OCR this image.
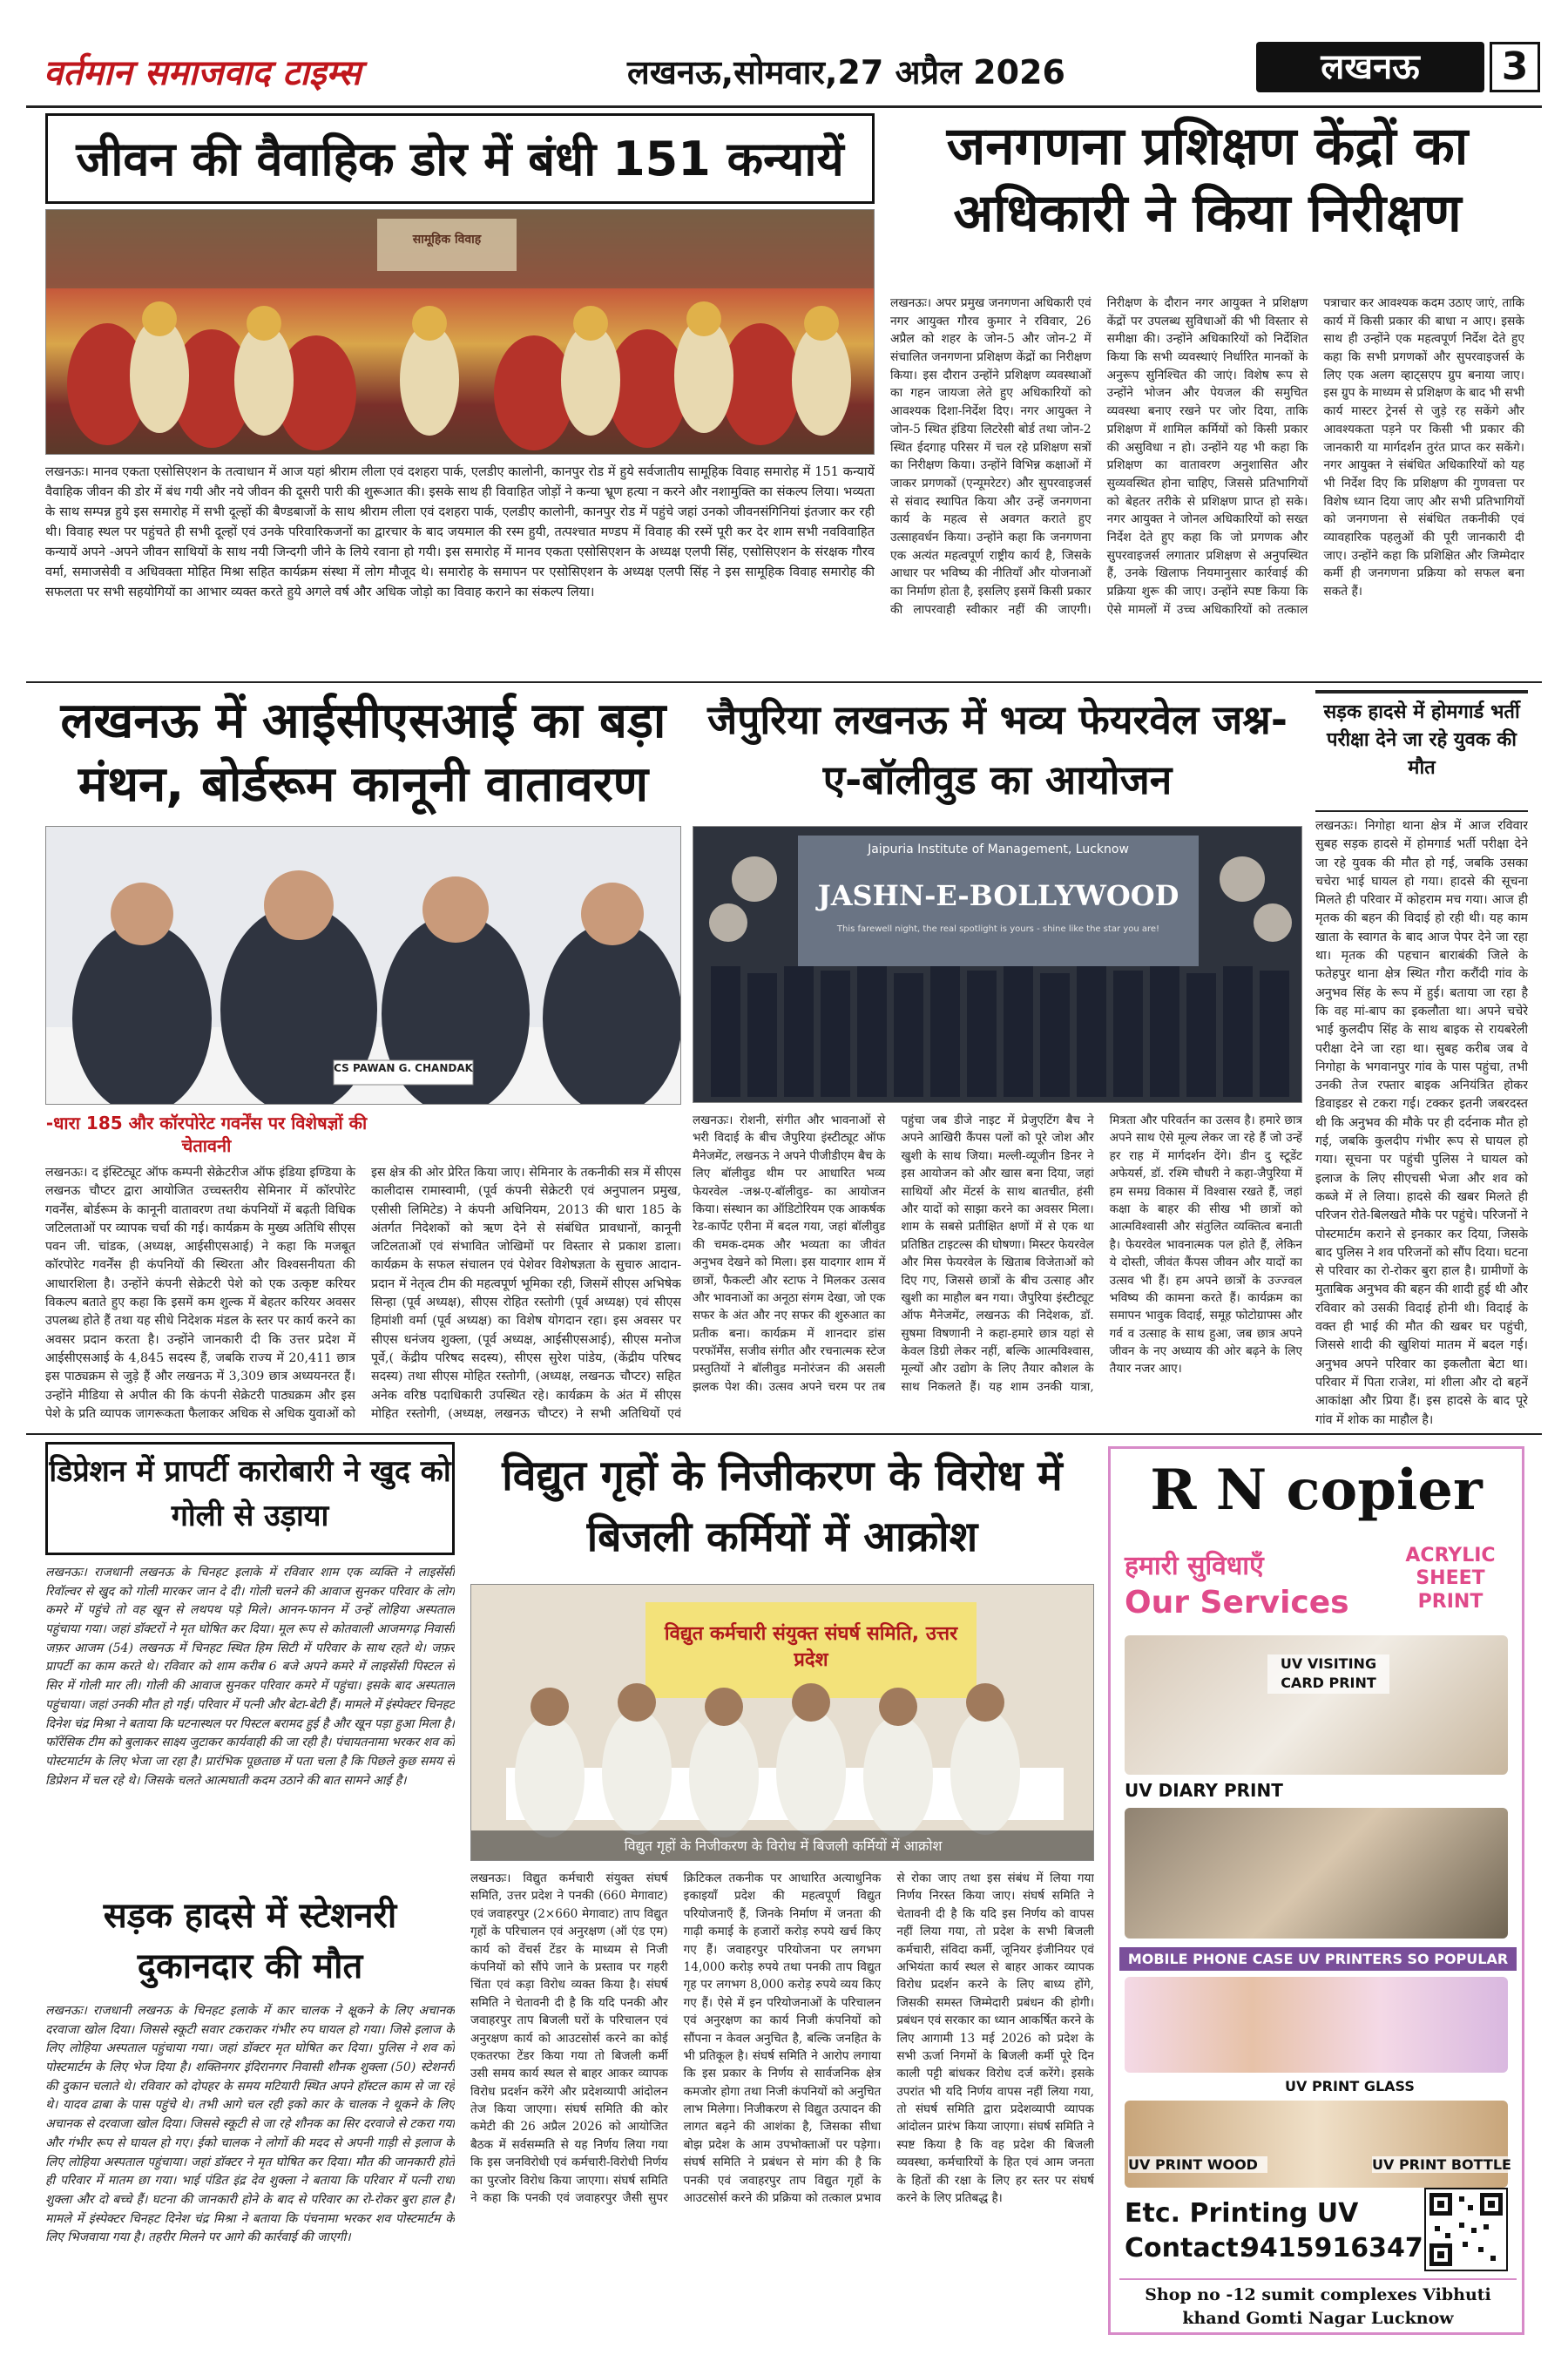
वर्तमान समाजवाद टाइम्स	लखनऊ,सोमवार,27 अप्रैल 2026	लखनऊ	3
जीवन की वैवाहिक डोर में बंधी 151 कन्यायें
सामूहिक विवाह
लखनऊः। मानव एकता एसोसिएशन के तत्वाधान में आज यहां श्रीराम लीला एवं दशहरा पार्क, एलडीए कालोनी, कानपुर रोड में हुये सर्वजातीय सामूहिक विवाह समारोह में 151 कन्यायें वैवाहिक जीवन की डोर में बंध गयी और नये जीवन की दूसरी पारी की शुरूआत की। इसके साथ ही विवाहित जोड़ों ने कन्या भ्रूण हत्या न करने और नशामुक्ति का संकल्प लिया। भव्यता के साथ सम्पन्न हुये इस समारोह में सभी दूल्हों की बैण्डबाजों के साथ श्रीराम लीला एवं दशहरा पार्क, एलडीए कालोनी, कानपुर रोड में पहुंचे जहां उनको जीवनसंगिनियां इंतजार कर रही थी। विवाह स्थल पर पहुंचते ही सभी दूल्हों एवं उनके परिवारिकजनों का द्वारचार के बाद जयमाल की रस्म हुयी, तत्पश्चात मण्डप में विवाह की रस्में पूरी कर देर शाम सभी नवविवाहित कन्यायें अपने -अपने जीवन साथियों के साथ नयी जिन्दगी जीने के लिये रवाना हो गयी। इस समारोह में मानव एकता एसोसिएशन के अध्यक्ष एलपी सिंह, एसोसिएशन के संरक्षक गौरव वर्मा, समाजसेवी व अधिवक्ता मोहित मिश्रा सहित कार्यक्रम संस्था में लोग मौजूद थे। समारोह के समापन पर एसोसिएशन के अध्यक्ष एलपी सिंह ने इस सामूहिक विवाह समारोह की सफलता पर सभी सहयोगियों का आभार व्यक्त करते हुये अगले वर्ष और अधिक जोड़ो का विवाह कराने का संकल्प लिया।
जनगणना प्रशिक्षण केंद्रों का अधिकारी ने किया निरीक्षण
लखनऊः। अपर प्रमुख जनगणना अधिकारी एवं नगर आयुक्त गौरव कुमार ने रविवार, 26 अप्रैल को शहर के जोन-5 और जोन-2 में संचालित जनगणना प्रशिक्षण केंद्रों का निरीक्षण किया। इस दौरान उन्होंने प्रशिक्षण व्यवस्थाओं का गहन जायजा लेते हुए अधिकारियों को आवश्यक दिशा-निर्देश दिए। नगर आयुक्त ने जोन-5 स्थित इंडिया लिटरेसी बोर्ड तथा जोन-2 स्थित ईदगाह परिसर में चल रहे प्रशिक्षण सत्रों का निरीक्षण किया। उन्होंने विभिन्न कक्षाओं में जाकर प्रगणकों (एन्यूमरेटर) और सुपरवाइजर्स से संवाद स्थापित किया और उन्हें जनगणना कार्य के महत्व से अवगत कराते हुए उत्साहवर्धन किया। उन्होंने कहा कि जनगणना एक अत्यंत महत्वपूर्ण राष्ट्रीय कार्य है, जिसके आधार पर भविष्य की नीतियाँ और योजनाओं का निर्माण होता है, इसलिए इसमें किसी प्रकार की लापरवाही स्वीकार नहीं की जाएगी। निरीक्षण के दौरान नगर आयुक्त ने प्रशिक्षण केंद्रों पर उपलब्ध सुविधाओं की भी विस्तार से समीक्षा की। उन्होंने अधिकारियों को निर्देशित किया कि सभी व्यवस्थाएं निर्धारित मानकों के अनुरूप सुनिश्चित की जाएं। विशेष रूप से उन्होंने भोजन और पेयजल की समुचित व्यवस्था बनाए रखने पर जोर दिया, ताकि प्रशिक्षण में शामिल कर्मियों को किसी प्रकार की असुविधा न हो। उन्होंने यह भी कहा कि प्रशिक्षण का वातावरण अनुशासित और सुव्यवस्थित होना चाहिए, जिससे प्रतिभागियों को बेहतर तरीके से प्रशिक्षण प्राप्त हो सके। नगर आयुक्त ने जोनल अधिकारियों को सख्त निर्देश देते हुए कहा कि जो प्रगणक और सुपरवाइजर्स लगातार प्रशिक्षण से अनुपस्थित हैं, उनके खिलाफ नियमानुसार कार्रवाई की प्रक्रिया शुरू की जाए। उन्होंने स्पष्ट किया कि ऐसे मामलों में उच्च अधिकारियों को तत्काल पत्राचार कर आवश्यक कदम उठाए जाएं, ताकि कार्य में किसी प्रकार की बाधा न आए। इसके साथ ही उन्होंने एक महत्वपूर्ण निर्देश देते हुए कहा कि सभी प्रगणकों और सुपरवाइजर्स के लिए एक अलग व्हाट्सएप ग्रुप बनाया जाए। इस ग्रुप के माध्यम से प्रशिक्षण के बाद भी सभी कार्य मास्टर ट्रेनर्स से जुड़े रह सकेंगे और आवश्यकता पड़ने पर किसी भी प्रकार की जानकारी या मार्गदर्शन तुरंत प्राप्त कर सकेंगे। नगर आयुक्त ने संबंधित अधिकारियों को यह भी निर्देश दिए कि प्रशिक्षण की गुणवत्ता पर विशेष ध्यान दिया जाए और सभी प्रतिभागियों को जनगणना से संबंधित तकनीकी एवं व्यावहारिक पहलुओं की पूरी जानकारी दी जाए। उन्होंने कहा कि प्रशिक्षित और जिम्मेदार कर्मी ही जनगणना प्रक्रिया को सफल बना सकते हैं।
लखनऊ में आईसीएसआई का बड़ा मंथन, बोर्डरूम कानूनी वातावरण
CS PAWAN G. CHANDAK
-धारा 185 और कॉरपोरेट गवर्नेंस पर विशेषज्ञों की चेतावनी
लखनऊः। द इंस्टिट्यूट ऑफ कम्पनी सेक्रेटरीज ऑफ इंडिया इण्डिया के लखनऊ चौप्टर द्वारा आयोजित उच्चस्तरीय सेमिनार में कॉरपोरेट गवर्नेंस, बोर्डरूम के कानूनी वातावरण तथा कंपनियों में बढ़ती विधिक जटिलताओं पर व्यापक चर्चा की गई। कार्यक्रम के मुख्य अतिथि सीएस पवन जी. चांडक, (अध्यक्ष, आईसीएसआई) ने कहा कि मजबूत कॉरपोरेट गवर्नेंस ही कंपनियों की स्थिरता और विश्वसनीयता की आधारशिला है। उन्होंने कंपनी सेक्रेटरी पेशे को एक उत्कृष्ट करियर विकल्प बताते हुए कहा कि इसमें कम शुल्क में बेहतर करियर अवसर उपलब्ध होते हैं तथा यह सीधे निदेशक मंडल के स्तर पर कार्य करने का अवसर प्रदान करता है। उन्होंने जानकारी दी कि उत्तर प्रदेश में आईसीएसआई के 4,845 सदस्य हैं, जबकि राज्य में 20,411 छात्र इस पाठ्यक्रम से जुड़े हैं और लखनऊ में 3,309 छात्र अध्ययनरत हैं। उन्होंने मीडिया से अपील की कि कंपनी सेक्रेटरी पाठ्यक्रम और इस पेशे के प्रति व्यापक जागरूकता फैलाकर अधिक से अधिक युवाओं को इस क्षेत्र की ओर प्रेरित किया जाए। सेमिनार के तकनीकी सत्र में सीएस कालीदास रामास्वामी, (पूर्व कंपनी सेक्रेटरी एवं अनुपालन प्रमुख, एसीसी लिमिटेड) ने कंपनी अधिनियम, 2013 की धारा 185 के अंतर्गत निदेशकों को ऋण देने से संबंधित प्रावधानों, कानूनी जटिलताओं एवं संभावित जोखिमों पर विस्तार से प्रकाश डाला। कार्यक्रम के सफल संचालन एवं पेशेवर विशेषज्ञता के सुचारु आदान-प्रदान में नेतृत्व टीम की महत्वपूर्ण भूमिका रही, जिसमें सीएस अभिषेक सिन्हा (पूर्व अध्यक्ष), सीएस रोहित रस्तोगी (पूर्व अध्यक्ष) एवं सीएस हिमांशी वर्मा (पूर्व अध्यक्ष) का विशेष योगदान रहा। इस अवसर पर सीएस धनंजय शुक्ला, (पूर्व अध्यक्ष, आईसीएसआई), सीएस मनोज पूर्वे,( केंद्रीय परिषद सदस्य), सीएस सुरेश पांडेय, (केंद्रीय परिषद सदस्य) तथा सीएस मोहित रस्तोगी, (अध्यक्ष, लखनऊ चौप्टर) सहित अनेक वरिष्ठ पदाधिकारी उपस्थित रहे। कार्यक्रम के अंत में सीएस मोहित रस्तोगी, (अध्यक्ष, लखनऊ चौप्टर) ने सभी अतिथियों एवं
जैपुरिया लखनऊ में भव्य फेयरवेल जश्न-ए-बॉलीवुड का आयोजन
Jaipuria Institute of Management, Lucknow
JASHN-E-BOLLYWOOD
This farewell night, the real spotlight is yours - shine like the star you are!
लखनऊः। रोशनी, संगीत और भावनाओं से भरी विदाई के बीच जैपुरिया इंस्टीट्यूट ऑफ मैनेजमेंट, लखनऊ ने अपने पीजीडीएम बैच के लिए बॉलीवुड थीम पर आधारित भव्य फेयरवेल -जश्न-ए-बॉलीवुड- का आयोजन किया। संस्थान का ऑडिटोरियम एक आकर्षक रेड-कार्पेट एरीना में बदल गया, जहां बॉलीवुड की चमक-दमक और भव्यता का जीवंत अनुभव देखने को मिला। इस यादगार शाम में छात्रों, फैकल्टी और स्टाफ ने मिलकर उत्सव और भावनाओं का अनूठा संगम देखा, जो एक सफर के अंत और नए सफर की शुरुआत का प्रतीक बना। कार्यक्रम में शानदार डांस परफॉर्मेंस, सजीव संगीत और रचनात्मक स्टेज प्रस्तुतियों ने बॉलीवुड मनोरंजन की असली झलक पेश की। उत्सव अपने चरम पर तब पहुंचा जब डीजे नाइट में प्रेजुएटिंग बैच ने अपने आखिरी कैंपस पलों को पूरे जोश और खुशी के साथ जिया। मल्ली-व्यूजीन डिनर ने इस आयोजन को और खास बना दिया, जहां साथियों और मेंटर्स के साथ बातचीत, हंसी और यादों को साझा करने का अवसर मिला। शाम के सबसे प्रतीक्षित क्षणों में से एक था प्रतिष्ठित टाइटल्स की घोषणा। मिस्टर फेयरवेल और मिस फेयरवेल के खिताब विजेताओं को दिए गए, जिससे छात्रों के बीच उत्साह और खुशी का माहौल बन गया। जैपुरिया इंस्टीट्यूट ऑफ मैनेजमेंट, लखनऊ की निदेशक, डॉ. सुषमा विषणानी ने कहा-हमारे छात्र यहां से केवल डिग्री लेकर नहीं, बल्कि आत्मविश्वास, मूल्यों और उद्योग के लिए तैयार कौशल के साथ निकलते हैं। यह शाम उनकी यात्रा, मित्रता और परिवर्तन का उत्सव है। हमारे छात्र अपने साथ ऐसे मूल्य लेकर जा रहे हैं जो उन्हें हर राह में मार्गदर्शन देंगे। डीन दु स्टूडेंट अफेयर्स, डॉ. रश्मि चौधरी ने कहा-जैपुरिया में हम समग्र विकास में विश्वास रखते हैं, जहां कक्षा के बाहर की सीख भी छात्रों को आत्मविश्वासी और संतुलित व्यक्तित्व बनाती है। फेयरवेल भावनात्मक पल होते हैं, लेकिन ये दोस्ती, जीवंत कैंपस जीवन और यादों का उत्सव भी हैं। हम अपने छात्रों के उज्ज्वल भविष्य की कामना करते हैं। कार्यक्रम का समापन भावुक विदाई, समूह फोटोग्राफ्स और गर्व व उत्साह के साथ हुआ, जब छात्र अपने जीवन के नए अध्याय की ओर बढ़ने के लिए तैयार नजर आए।
सड़क हादसे में होमगार्ड भर्ती परीक्षा देने जा रहे युवक की मौत
लखनऊः। निगोहा थाना क्षेत्र में आज रविवार सुबह सड़क हादसे में होमगार्ड भर्ती परीक्षा देने जा रहे युवक की मौत हो गई, जबकि उसका चचेरा भाई घायल हो गया। हादसे की सूचना मिलते ही परिवार में कोहराम मच गया। आज ही मृतक की बहन की विदाई हो रही थी। यह काम खाता के स्वागत के बाद आज पेपर देने जा रहा था। मृतक की पहचान बाराबंकी जिले के फतेहपुर थाना क्षेत्र स्थित गौरा करौंदी गांव के अनुभव सिंह के रूप में हुई। बताया जा रहा है कि वह मां-बाप का इकलौता था। अपने चचेरे भाई कुलदीप सिंह के साथ बाइक से रायबरेली परीक्षा देने जा रहा था। सुबह करीब जब वे निगोहा के भगवानपुर गांव के पास पहुंचा, तभी उनकी तेज रफ्तार बाइक अनियंत्रित होकर डिवाइडर से टकरा गई। टक्कर इतनी जबरदस्त थी कि अनुभव की मौके पर ही दर्दनाक मौत हो गई, जबकि कुलदीप गंभीर रूप से घायल हो गया। सूचना पर पहुंची पुलिस ने घायल को इलाज के लिए सीएचसी भेजा और शव को कब्जे में ले लिया। हादसे की खबर मिलते ही परिजन रोते-बिलखते मौके पर पहुंचे। परिजनों ने पोस्टमार्टम कराने से इनकार कर दिया, जिसके बाद पुलिस ने शव परिजनों को सौंप दिया। घटना से परिवार का रो-रोकर बुरा हाल है। ग्रामीणों के मुताबिक अनुभव की बहन की शादी हुई थी और रविवार को उसकी विदाई होनी थी। विदाई के वक्त ही भाई की मौत की खबर घर पहुंची, जिससे शादी की खुशियां मातम में बदल गई। अनुभव अपने परिवार का इकलौता बेटा था। परिवार में पिता राजेश, मां शीला और दो बहनें आकांक्षा और प्रिया हैं। इस हादसे के बाद पूरे गांव में शोक का माहौल है।
डिप्रेशन में प्रापर्टी कारोबारी ने खुद को गोली से उड़ाया
लखनऊः। राजधानी लखनऊ के चिनहट इलाके में रविवार शाम एक व्यक्ति ने लाइसेंसी रिवॉल्वर से खुद को गोली मारकर जान दे दी। गोली चलने की आवाज सुनकर परिवार के लोग कमरे में पहुंचे तो वह खून से लथपथ पड़े मिले। आनन-फानन में उन्हें लोहिया अस्पताल पहुंचाया गया। जहां डॉक्टरों ने मृत घोषित कर दिया। मूल रूप से कोतवाली आजमगढ़ निवासी जफ़र आजम (54) लखनऊ में चिनहट स्थित हिम सिटी में परिवार के साथ रहते थे। जफ़र प्रापर्टी का काम करते थे। रविवार को शाम करीब 6 बजे अपने कमरे में लाइसेंसी पिस्टल से सिर में गोली मार ली। गोली की आवाज सुनकर परिवार कमरे में पहुंचा। इसके बाद अस्पताल पहुंचाया। जहां उनकी मौत हो गई। परिवार में पत्नी और बेटा-बेटी हैं। मामले में इंस्पेक्टर चिनहट दिनेश चंद्र मिश्रा ने बताया कि घटनास्थल पर पिस्टल बरामद हुई है और खून पड़ा हुआ मिला है। फॉरेंसिक टीम को बुलाकर साक्ष्य जुटाकर कार्यवाही की जा रही है। पंचायतनामा भरकर शव को पोस्टमार्टम के लिए भेजा जा रहा है। प्रारंभिक पूछताछ में पता चला है कि पिछले कुछ समय से डिप्रेशन में चल रहे थे। जिसके चलते आत्मघाती कदम उठाने की बात सामने आई है।
सड़क हादसे में स्टेशनरी दुकानदार की मौत
लखनऊः। राजधानी लखनऊ के चिनहट इलाके में कार चालक ने क्षूकने के लिए अचानक दरवाजा खोल दिया। जिससे स्कूटी सवार टकराकर गंभीर रुप घायल हो गया। जिसे इलाज के लिए लोहिया अस्पताल पहुंचाया गया। जहां डॉक्टर मृत घोषित कर दिया। पुलिस ने शव को पोस्टमार्टम के लिए भेज दिया है। शक्तिनगर इंदिरानगर निवासी शौनक शुक्ला (50) स्टेशनरी की दुकान चलाते थे। रविवार को दोपहर के समय मटियारी स्थित अपने हॉस्टल काम से जा रहे थे। यादव ढाबा के पास पहुंचे थे। तभी आगे चल रही इको कार के चालक ने थूकने के लिए अचानक से दरवाजा खोल दिया। जिससे स्कूटी से जा रहे शौनक का सिर दरवाजे से टकरा गया और गंभीर रूप से घायल हो गए। ईको चालक ने लोगों की मदद से अपनी गाड़ी से इलाज के लिए लोहिया अस्पताल पहुंचाया। जहां डॉक्टर ने मृत घोषित कर दिया। मौत की जानकारी होते ही परिवार में मातम छा गया। भाई पंडित इंद्र देव शुक्ला ने बताया कि परिवार में पत्नी राधा शुक्ला और दो बच्चे हैं। घटना की जानकारी होने के बाद से परिवार का रो-रोकर बुरा हाल है। मामले में इंस्पेक्टर चिनहट दिनेश चंद्र मिश्रा ने बताया कि पंचनामा भरकर शव पोस्टमार्टम के लिए भिजवाया गया है। तहरीर मिलने पर आगे की कार्रवाई की जाएगी।
विद्युत गृहों के निजीकरण के विरोध में बिजली कर्मियों में आक्रोश
विद्युत कर्मचारी संयुक्त संघर्ष समिति, उत्तर प्रदेश
विद्युत गृहों के निजीकरण के विरोध में बिजली कर्मियों में आक्रोश
लखनऊः। विद्युत कर्मचारी संयुक्त संघर्ष समिति, उत्तर प्रदेश ने पनकी (660 मेगावाट) एवं जवाहरपुर (2×660 मेगावाट) ताप विद्युत गृहों के परिचालन एवं अनुरक्षण (ऑ एंड एम) कार्य को वेंचर्स टेंडर के माध्यम से निजी कंपनियों को सौंपे जाने के प्रस्ताव पर गहरी चिंता एवं कड़ा विरोध व्यक्त किया है। संघर्ष समिति ने चेतावनी दी है कि यदि पनकी और जवाहरपुर ताप बिजली घरों के परिचालन एवं अनुरक्षण कार्य को आउटसोर्स करने का कोई एकतरफा टेंडर किया गया तो बिजली कर्मी उसी समय कार्य स्थल से बाहर आकर व्यापक विरोध प्रदर्शन करेंगे और प्रदेशव्यापी आंदोलन तेज किया जाएगा। संघर्ष समिति की कोर कमेटी की 26 अप्रैल 2026 को आयोजित बैठक में सर्वसम्मति से यह निर्णय लिया गया कि इस जनविरोधी एवं कर्मचारी-विरोधी निर्णय का पुरजोर विरोध किया जाएगा। संघर्ष समिति ने कहा कि पनकी एवं जवाहरपुर जैसी सुपर क्रिटिकल तकनीक पर आधारित अत्याधुनिक इकाइयाँ प्रदेश की महत्वपूर्ण विद्युत परियोजनाएँ हैं, जिनके निर्माण में जनता की गाढ़ी कमाई के हजारों करोड़ रुपये खर्च किए गए हैं। जवाहरपुर परियोजना पर लगभग 14,000 करोड़ रुपये तथा पनकी ताप विद्युत गृह पर लगभग 8,000 करोड़ रुपये व्यय किए गए हैं। ऐसे में इन परियोजनाओं के परिचालन एवं अनुरक्षण का कार्य निजी कंपनियों को सौंपना न केवल अनुचित है, बल्कि जनहित के भी प्रतिकूल है। संघर्ष समिति ने आरोप लगाया कि इस प्रकार के निर्णय से सार्वजनिक क्षेत्र कमजोर होगा तथा निजी कंपनियों को अनुचित लाभ मिलेगा। निजीकरण से विद्युत उत्पादन की लागत बढ़ने की आशंका है, जिसका सीधा बोझ प्रदेश के आम उपभोक्ताओं पर पड़ेगा। संघर्ष समिति ने प्रबंधन से मांग की है कि पनकी एवं जवाहरपुर ताप विद्युत गृहों के आउटसोर्स करने की प्रक्रिया को तत्काल प्रभाव से रोका जाए तथा इस संबंध में लिया गया निर्णय निरस्त किया जाए। संघर्ष समिति ने चेतावनी दी है कि यदि इस निर्णय को वापस नहीं लिया गया, तो प्रदेश के सभी बिजली कर्मचारी, संविदा कर्मी, जूनियर इंजीनियर एवं अभियंता कार्य स्थल से बाहर आकर व्यापक विरोध प्रदर्शन करने के लिए बाध्य होंगे, जिसकी समस्त जिम्मेदारी प्रबंधन की होगी। प्रबंधन एवं सरकार का ध्यान आकर्षित करने के लिए आगामी 13 मई 2026 को प्रदेश के सभी ऊर्जा निगमों के बिजली कर्मी पूरे दिन काली पट्टी बांधकर विरोध दर्ज करेंगे। इसके उपरांत भी यदि निर्णय वापस नहीं लिया गया, तो संघर्ष समिति द्वारा प्रदेशव्यापी व्यापक आंदोलन प्रारंभ किया जाएगा। संघर्ष समिति ने स्पष्ट किया है कि वह प्रदेश की बिजली व्यवस्था, कर्मचारियों के हित एवं आम जनता के हितों की रक्षा के लिए हर स्तर पर संघर्ष करने के लिए प्रतिबद्ध है।
R N copier
हमारी सुविधाएँ
Our Services
ACRYLIC SHEET PRINT
UV VISITING CARD PRINT
UV DIARY PRINT
MOBILE PHONE CASE UV PRINTERS SO POPULAR
UV PRINT GLASS
UV PRINT WOOD	UV PRINT BOTTLE
Etc. Printing UV
Contact:
9415916347
Shop no -12 sumit complexes Vibhuti khand Gomti Nagar Lucknow
